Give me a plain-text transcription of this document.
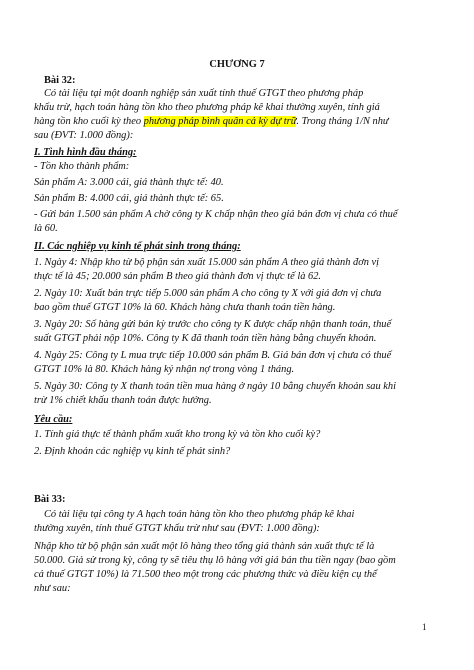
CHƯƠNG 7
Bài 32:
Có tài liệu tại một doanh nghiệp sản xuất tính thuế GTGT theo phương pháp
khấu trừ, hạch toán hàng tồn kho theo phương pháp kê khai thường xuyên, tính giá
hàng tồn kho cuối kỳ theo phương pháp bình quân cả kỳ dự trữ. Trong tháng 1/N như
sau (ĐVT: 1.000 đồng):
I. Tình hình đầu tháng:
- Tồn kho thành phẩm:
Sản phẩm A: 3.000 cái, giá thành thực tế: 40.
Sản phẩm B: 4.000 cái, giá thành thực tế: 65.
- Gửi bán 1.500 sản phẩm A chờ công ty K chấp nhận theo giá bán đơn vị chưa có thuế
là 60.
II. Các nghiệp vụ kinh tế phát sinh trong tháng:
1. Ngày 4: Nhập kho từ bộ phận sản xuất 15.000 sản phẩm A theo giá thành đơn vị
thực tế là 45; 20.000 sản phẩm B theo giá thành đơn vị thực tế là 62.
2. Ngày 10: Xuất bán trực tiếp 5.000 sản phẩm A cho công ty X với giá đơn vị chưa
bao gồm thuế GTGT 10% là 60. Khách hàng chưa thanh toán tiền hàng.
3. Ngày 20: Số hàng gửi bán kỳ trước cho công ty K được chấp nhận thanh toán, thuế
suất GTGT phải nộp 10%. Công ty K đã thanh toán tiền hàng bằng chuyển khoản.
4. Ngày 25: Công ty L mua trực tiếp 10.000 sản phẩm B. Giá bán đơn vị chưa có thuế
GTGT 10% là 80. Khách hàng ký nhận nợ trong vòng 1 tháng.
5. Ngày 30: Công ty X thanh toán tiền mua hàng ở ngày 10 bằng chuyển khoản sau khi
trừ 1% chiết khấu thanh toán được hưởng.
Yêu cầu:
1. Tính giá thực tế thành phẩm xuất kho trong kỳ và tồn kho cuối kỳ?
2. Định khoản các nghiệp vụ kinh tế phát sinh?
Bài 33:
Có tài liệu tại công ty A hạch toán hàng tồn kho theo phương pháp kê khai
thường xuyên, tính thuế GTGT khấu trừ như sau (ĐVT: 1.000 đồng):
Nhập kho từ bộ phận sản xuất một lô hàng theo tổng giá thành sản xuất thực tế là
50.000. Giả sử trong kỳ, công ty sẽ tiêu thụ lô hàng với giá bán thu tiền ngay (bao gồm
cả thuế GTGT 10%) là 71.500 theo một trong các phương thức và điều kiện cụ thể
như sau:
1
